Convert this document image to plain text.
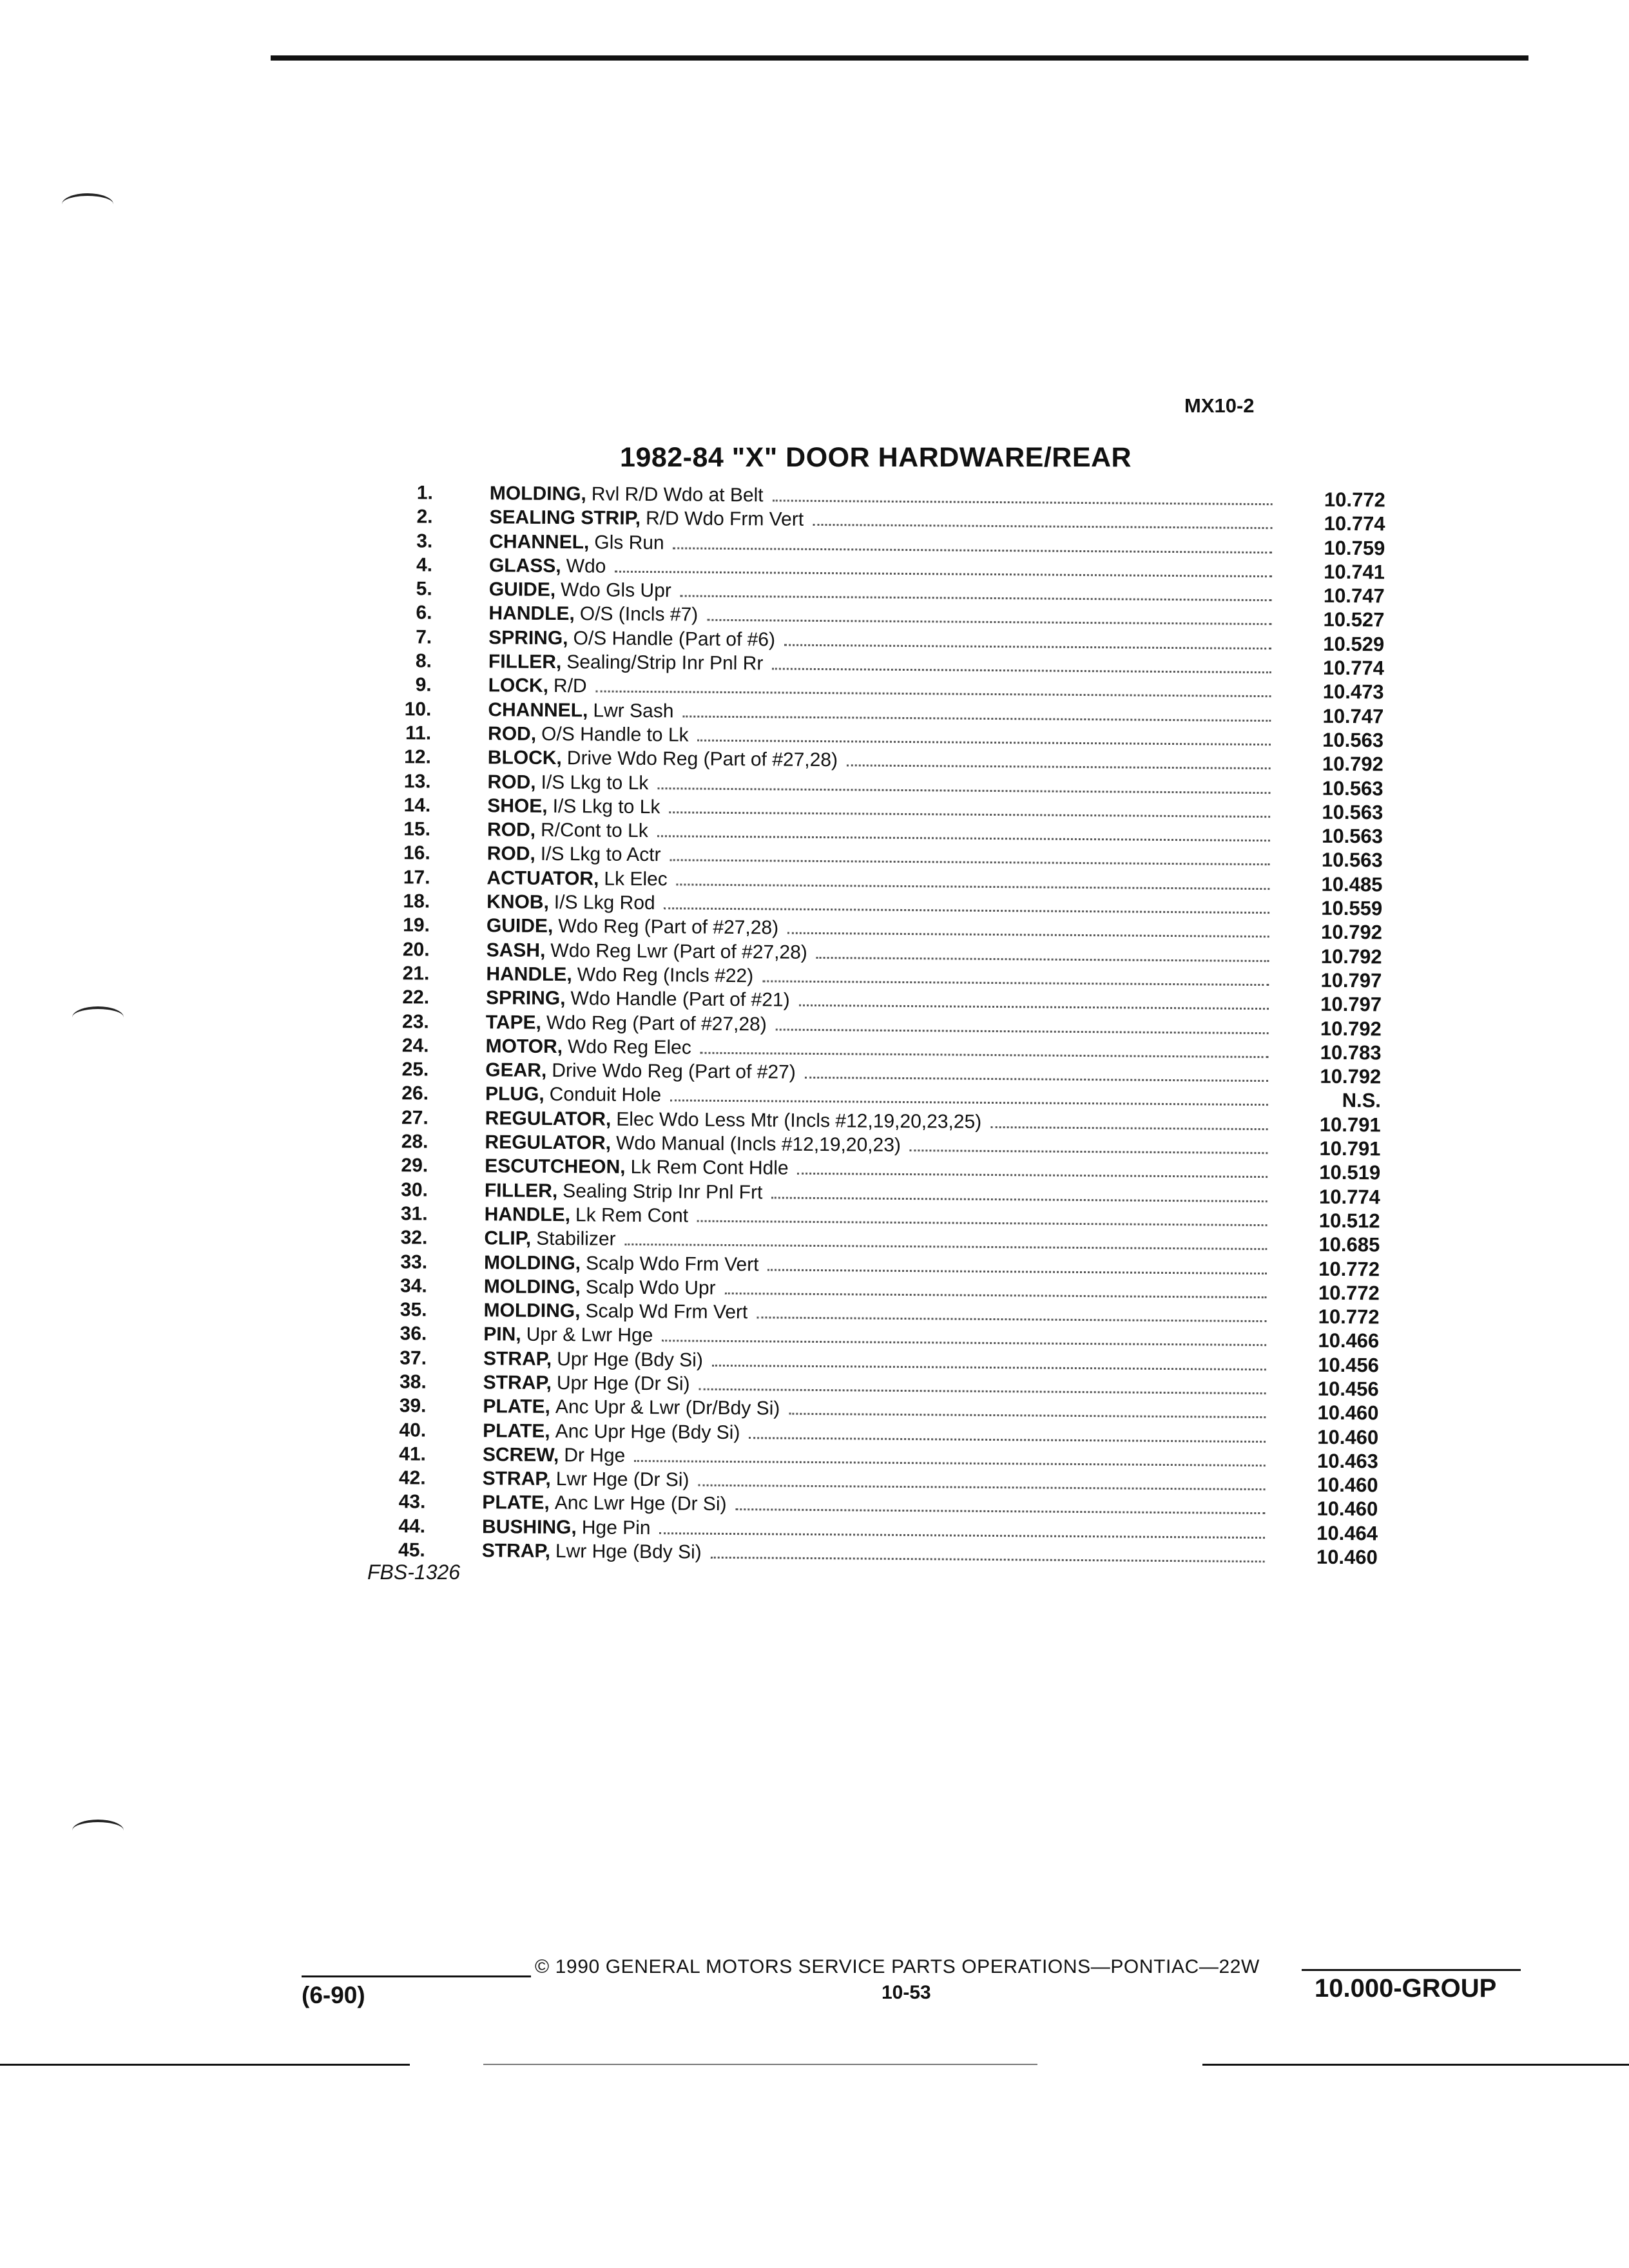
MX10-2
1982-84 "X" DOOR HARDWARE/REAR
1.	MOLDING, Rvl R/D Wdo at Belt	10.772
2.	SEALING STRIP, R/D Wdo Frm Vert	10.774
3.	CHANNEL, Gls Run	10.759
4.	GLASS, Wdo	10.741
5.	GUIDE, Wdo Gls Upr	10.747
6.	HANDLE, O/S (Incls #7)	10.527
7.	SPRING, O/S Handle (Part of #6)	10.529
8.	FILLER, Sealing/Strip Inr Pnl Rr	10.774
9.	LOCK, R/D	10.473
10.	CHANNEL, Lwr Sash	10.747
11.	ROD, O/S Handle to Lk	10.563
12.	BLOCK, Drive Wdo Reg (Part of #27,28)	10.792
13.	ROD, I/S Lkg to Lk	10.563
14.	SHOE, I/S Lkg to Lk	10.563
15.	ROD, R/Cont to Lk	10.563
16.	ROD, I/S Lkg to Actr	10.563
17.	ACTUATOR, Lk Elec	10.485
18.	KNOB, I/S Lkg Rod	10.559
19.	GUIDE, Wdo Reg (Part of #27,28)	10.792
20.	SASH, Wdo Reg Lwr (Part of #27,28)	10.792
21.	HANDLE, Wdo Reg (Incls #22)	10.797
22.	SPRING, Wdo Handle (Part of #21)	10.797
23.	TAPE, Wdo Reg (Part of #27,28)	10.792
24.	MOTOR, Wdo Reg Elec	10.783
25.	GEAR, Drive Wdo Reg (Part of #27)	10.792
26.	PLUG, Conduit Hole	N.S.
27.	REGULATOR, Elec Wdo Less Mtr (Incls #12,19,20,23,25)	10.791
28.	REGULATOR, Wdo Manual (Incls #12,19,20,23)	10.791
29.	ESCUTCHEON, Lk Rem Cont Hdle	10.519
30.	FILLER, Sealing Strip Inr Pnl Frt	10.774
31.	HANDLE, Lk Rem Cont	10.512
32.	CLIP, Stabilizer	10.685
33.	MOLDING, Scalp Wdo Frm Vert	10.772
34.	MOLDING, Scalp Wdo Upr	10.772
35.	MOLDING, Scalp Wd Frm Vert	10.772
36.	PIN, Upr & Lwr Hge	10.466
37.	STRAP, Upr Hge (Bdy Si)	10.456
38.	STRAP, Upr Hge (Dr Si)	10.456
39.	PLATE, Anc Upr & Lwr (Dr/Bdy Si)	10.460
40.	PLATE, Anc Upr Hge (Bdy Si)	10.460
41.	SCREW, Dr Hge	10.463
42.	STRAP, Lwr Hge (Dr Si)	10.460
43.	PLATE, Anc Lwr Hge (Dr Si)	10.460
44.	BUSHING, Hge Pin	10.464
45.	STRAP, Lwr Hge (Bdy Si)	10.460
FBS-1326
© 1990 GENERAL MOTORS SERVICE PARTS OPERATIONS—PONTIAC—22W
10-53
(6-90)	10.000-GROUP
